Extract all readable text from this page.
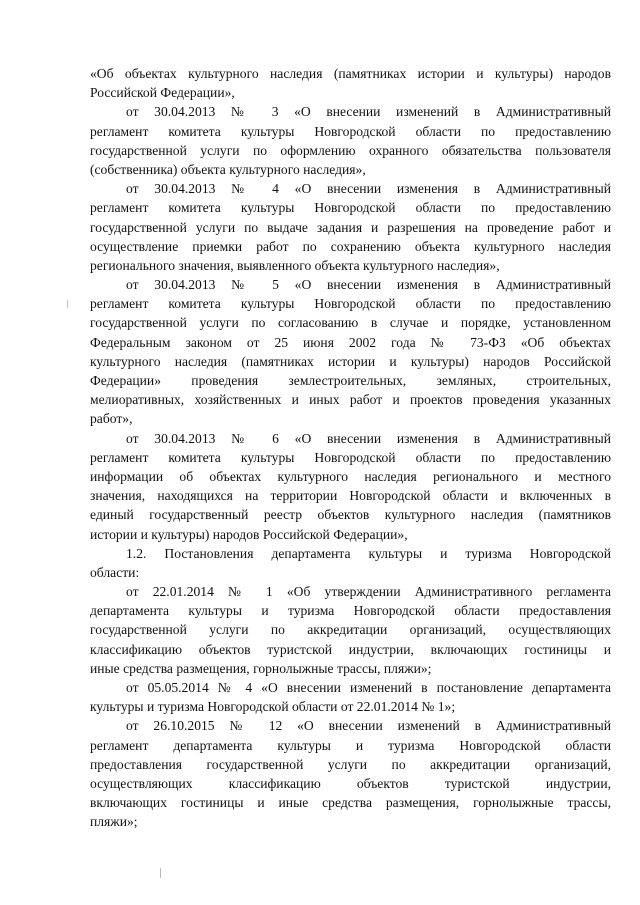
«Об объектах культурного наследия (памятниках истории и культуры) народов
Российской Федерации»,
от 30.04.2013 № 3 «О внесении изменений в Административный
регламент комитета культуры Новгородской области по предоставлению
государственной услуги по оформлению охранного обязательства пользователя
(собственника) объекта культурного наследия»,
от 30.04.2013 № 4 «О внесении изменения в Административный
регламент комитета культуры Новгородской области по предоставлению
государственной услуги по выдаче задания и разрешения на проведение работ и
осуществление приемки работ по сохранению объекта культурного наследия
регионального значения, выявленного объекта культурного наследия»,
от 30.04.2013 № 5 «О внесении изменения в Административный
регламент комитета культуры Новгородской области по предоставлению
государственной услуги по согласованию в случае и порядке, установленном
Федеральным законом от 25 июня 2002 года № 73-ФЗ «Об объектах
культурного наследия (памятниках истории и культуры) народов Российской
Федерации» проведения землестроительных, земляных, строительных,
мелиоративных, хозяйственных и иных работ и проектов проведения указанных
работ»,
от 30.04.2013 № 6 «О внесении изменения в Административный
регламент комитета культуры Новгородской области по предоставлению
информации об объектах культурного наследия регионального и местного
значения, находящихся на территории Новгородской области и включенных в
единый государственный реестр объектов культурного наследия (памятников
истории и культуры) народов Российской Федерации»,
1.2. Постановления департамента культуры и туризма Новгородской
области:
от 22.01.2014 № 1 «Об утверждении Административного регламента
департамента культуры и туризма Новгородской области предоставления
государственной услуги по аккредитации организаций, осуществляющих
классификацию объектов туристской индустрии, включающих гостиницы и
иные средства размещения, горнолыжные трассы, пляжи»;
от 05.05.2014 № 4 «О внесении изменений в постановление департамента
культуры и туризма Новгородской области от 22.01.2014 № 1»;
от 26.10.2015 № 12 «О внесении изменений в Административный
регламент департамента культуры и туризма Новгородской области
предоставления государственной услуги по аккредитации организаций,
осуществляющих классификацию объектов туристской индустрии,
включающих гостиницы и иные средства размещения, горнолыжные трассы,
пляжи»;
